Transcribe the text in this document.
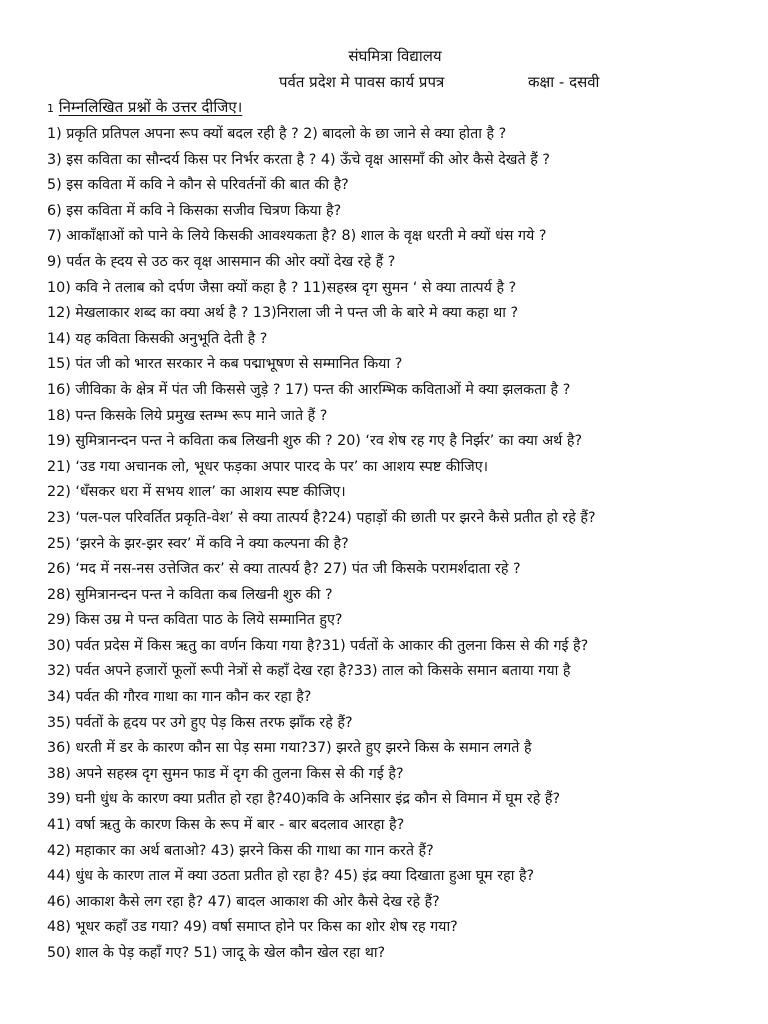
संघमित्रा विद्यालय
पर्वत प्रदेश मे पावस कार्य प्रपत्र	कक्षा - दसवी
1 निम्नलिखित प्रश्नों के उत्तर दीजिए।
1) प्रकृति प्रतिपल अपना रूप क्यों बदल रही है ? 2) बादलो के छा जाने से क्या होता है ?
3) इस कविता का सौन्दर्य किस पर निर्भर करता है ? 4) ऊँचे वृक्ष आसमाँ की ओर कैसे देखते हैं ?
5) इस कविता में कवि ने कौन से परिवर्तनों की बात की है?
6) इस कविता में कवि ने किसका सजीव चित्रण किया है?
7) आकाँक्षाओं को पाने के लिये किसकी आवश्यकता है? 8) शाल के वृक्ष धरती मे क्यों धंस गये ?
9) पर्वत के ह्दय से उठ कर वृक्ष आसमान की ओर क्यों देख रहे हैं ?
10) कवि ने तलाब को दर्पण जैसा क्यों कहा है ? 11)सहस्त्र दृग सुमन ‘ से क्या तात्पर्य है ?
12) मेखलाकार शब्द का क्या अर्थ है ? 13)निराला जी ने पन्त जी के बारे मे क्या कहा था ?
14) यह कविता किसकी अनुभूति देती है ?
15) पंत जी को भारत सरकार ने कब पद्माभूषण से सम्मानित किया ?
16) जीविका के क्षेत्र में पंत जी किससे जुड़े ? 17) पन्त की आरम्भिक कविताओं मे क्या झलकता है ?
18) पन्त किसके लिये प्रमुख स्तम्भ रूप माने जाते हैं ?
19) सुमित्रानन्दन पन्त ने कविता कब लिखनी शुरु की ? 20) ‘रव शेष रह गए है निर्झर’ का क्या अर्थ है?
21) ‘उड गया अचानक लो, भूधर फड़का अपार पारद के पर’ का आशय स्पष्ट कीजिए।
22) ‘धँसकर धरा में सभय शाल’ का आशय स्पष्ट कीजिए।
23) ‘पल-पल परिवर्तित प्रकृति-वेश’ से क्या तात्पर्य है?24) पहाड़ों की छाती पर झरने कैसे प्रतीत हो रहे हैं?
25) ‘झरने के झर-झर स्वर’ में कवि ने क्या कल्पना की है?
26) ‘मद में नस-नस उत्तेजित कर’ से क्या तात्पर्य है? 27) पंत जी किसके परामर्शदाता रहे ?
28) सुमित्रानन्दन पन्त ने कविता कब लिखनी शुरु की ?
29) किस उम्र मे पन्त कविता पाठ के लिये सम्मानित हुए?
30) पर्वत प्रदेस में किस ऋतु का वर्णन किया गया है?31) पर्वतों के आकार की तुलना किस से की गई है?
32) पर्वत अपने हजारों फूलों रूपी नेत्रों से कहाँ देख रहा है?33) ताल को किसके समान बताया गया है
34) पर्वत की गौरव गाथा का गान कौन कर रहा है?
35) पर्वतों के हृदय पर उगे हुए पेड़ किस तरफ झाँक रहे हैं?
36) धरती में डर के कारण कौन सा पेड़ समा गया?37) झरते हुए झरने किस के समान लगते है
38) अपने सहस्त्र दृग सुमन फाड में दृग की तुलना किस से की गई है?
39) घनी धुंध के कारण क्या प्रतीत हो रहा है?40)कवि के अनिसार इंद्र कौन से विमान में घूम रहे हैं?
41) वर्षा ऋतु के कारण किस के रूप में बार - बार बदलाव आरहा है?
42) महाकार का अर्थ बताओ? 43) झरने किस की गाथा का गान करते हैं?
44) धुंध के कारण ताल में क्या उठता प्रतीत हो रहा है? 45) इंद्र क्या दिखाता हुआ घूम रहा है?
46) आकाश कैसे लग रहा है? 47) बादल आकाश की ओर कैसे देख रहे हैं?
48) भूधर कहाँ उड गया? 49) वर्षा समाप्त होने पर किस का शोर शेष रह गया?
50) शाल के पेड़ कहाँ गए? 51) जादू के खेल कौन खेल रहा था?
